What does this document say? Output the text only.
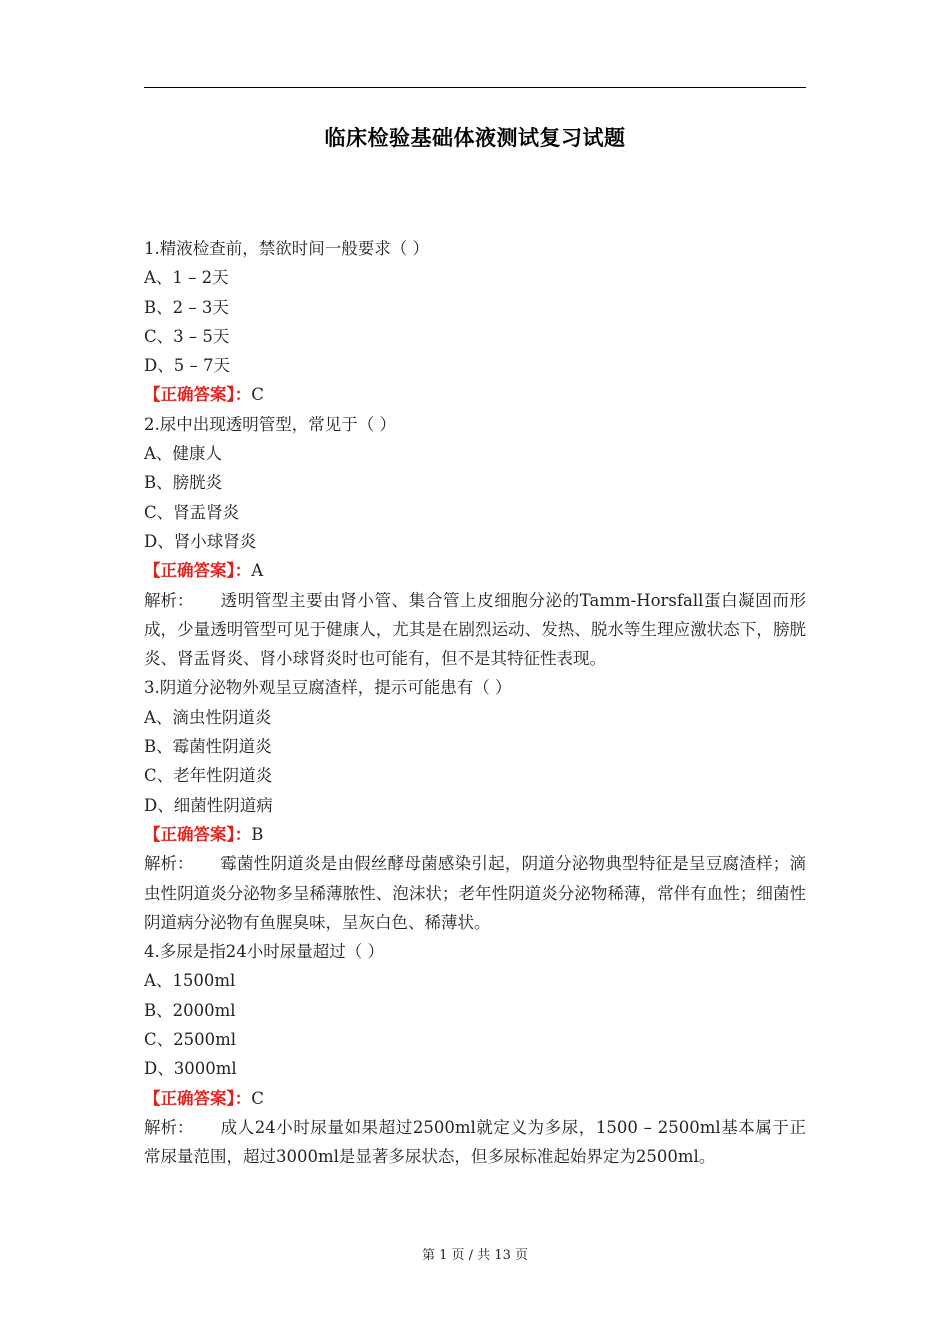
临床检验基础体液测试复习试题
1.精液检查前，禁欲时间一般要求（ ）
A、1 – 2天
B、2 – 3天
C、3 – 5天
D、5 – 7天
【正确答案】：C
2.尿中出现透明管型，常见于（ ）
A、健康人
B、膀胱炎
C、肾盂肾炎
D、肾小球肾炎
【正确答案】：A
解析： 透明管型主要由肾小管、集合管上皮细胞分泌的Tamm-Horsfall蛋白凝固而形成，少量透明管型可见于健康人，尤其是在剧烈运动、发热、脱水等生理应激状态下，膀胱炎、肾盂肾炎、肾小球肾炎时也可能有，但不是其特征性表现。
3.阴道分泌物外观呈豆腐渣样，提示可能患有（ ）
A、滴虫性阴道炎
B、霉菌性阴道炎
C、老年性阴道炎
D、细菌性阴道病
【正确答案】：B
解析： 霉菌性阴道炎是由假丝酵母菌感染引起，阴道分泌物典型特征是呈豆腐渣样；滴虫性阴道炎分泌物多呈稀薄脓性、泡沫状；老年性阴道炎分泌物稀薄，常伴有血性；细菌性阴道病分泌物有鱼腥臭味，呈灰白色、稀薄状。
4.多尿是指24小时尿量超过（ ）
A、1500ml
B、2000ml
C、2500ml
D、3000ml
【正确答案】：C
解析： 成人24小时尿量如果超过2500ml就定义为多尿，1500 – 2500ml基本属于正常尿量范围，超过3000ml是显著多尿状态，但多尿标准起始界定为2500ml。
第 1 页 / 共 13 页
